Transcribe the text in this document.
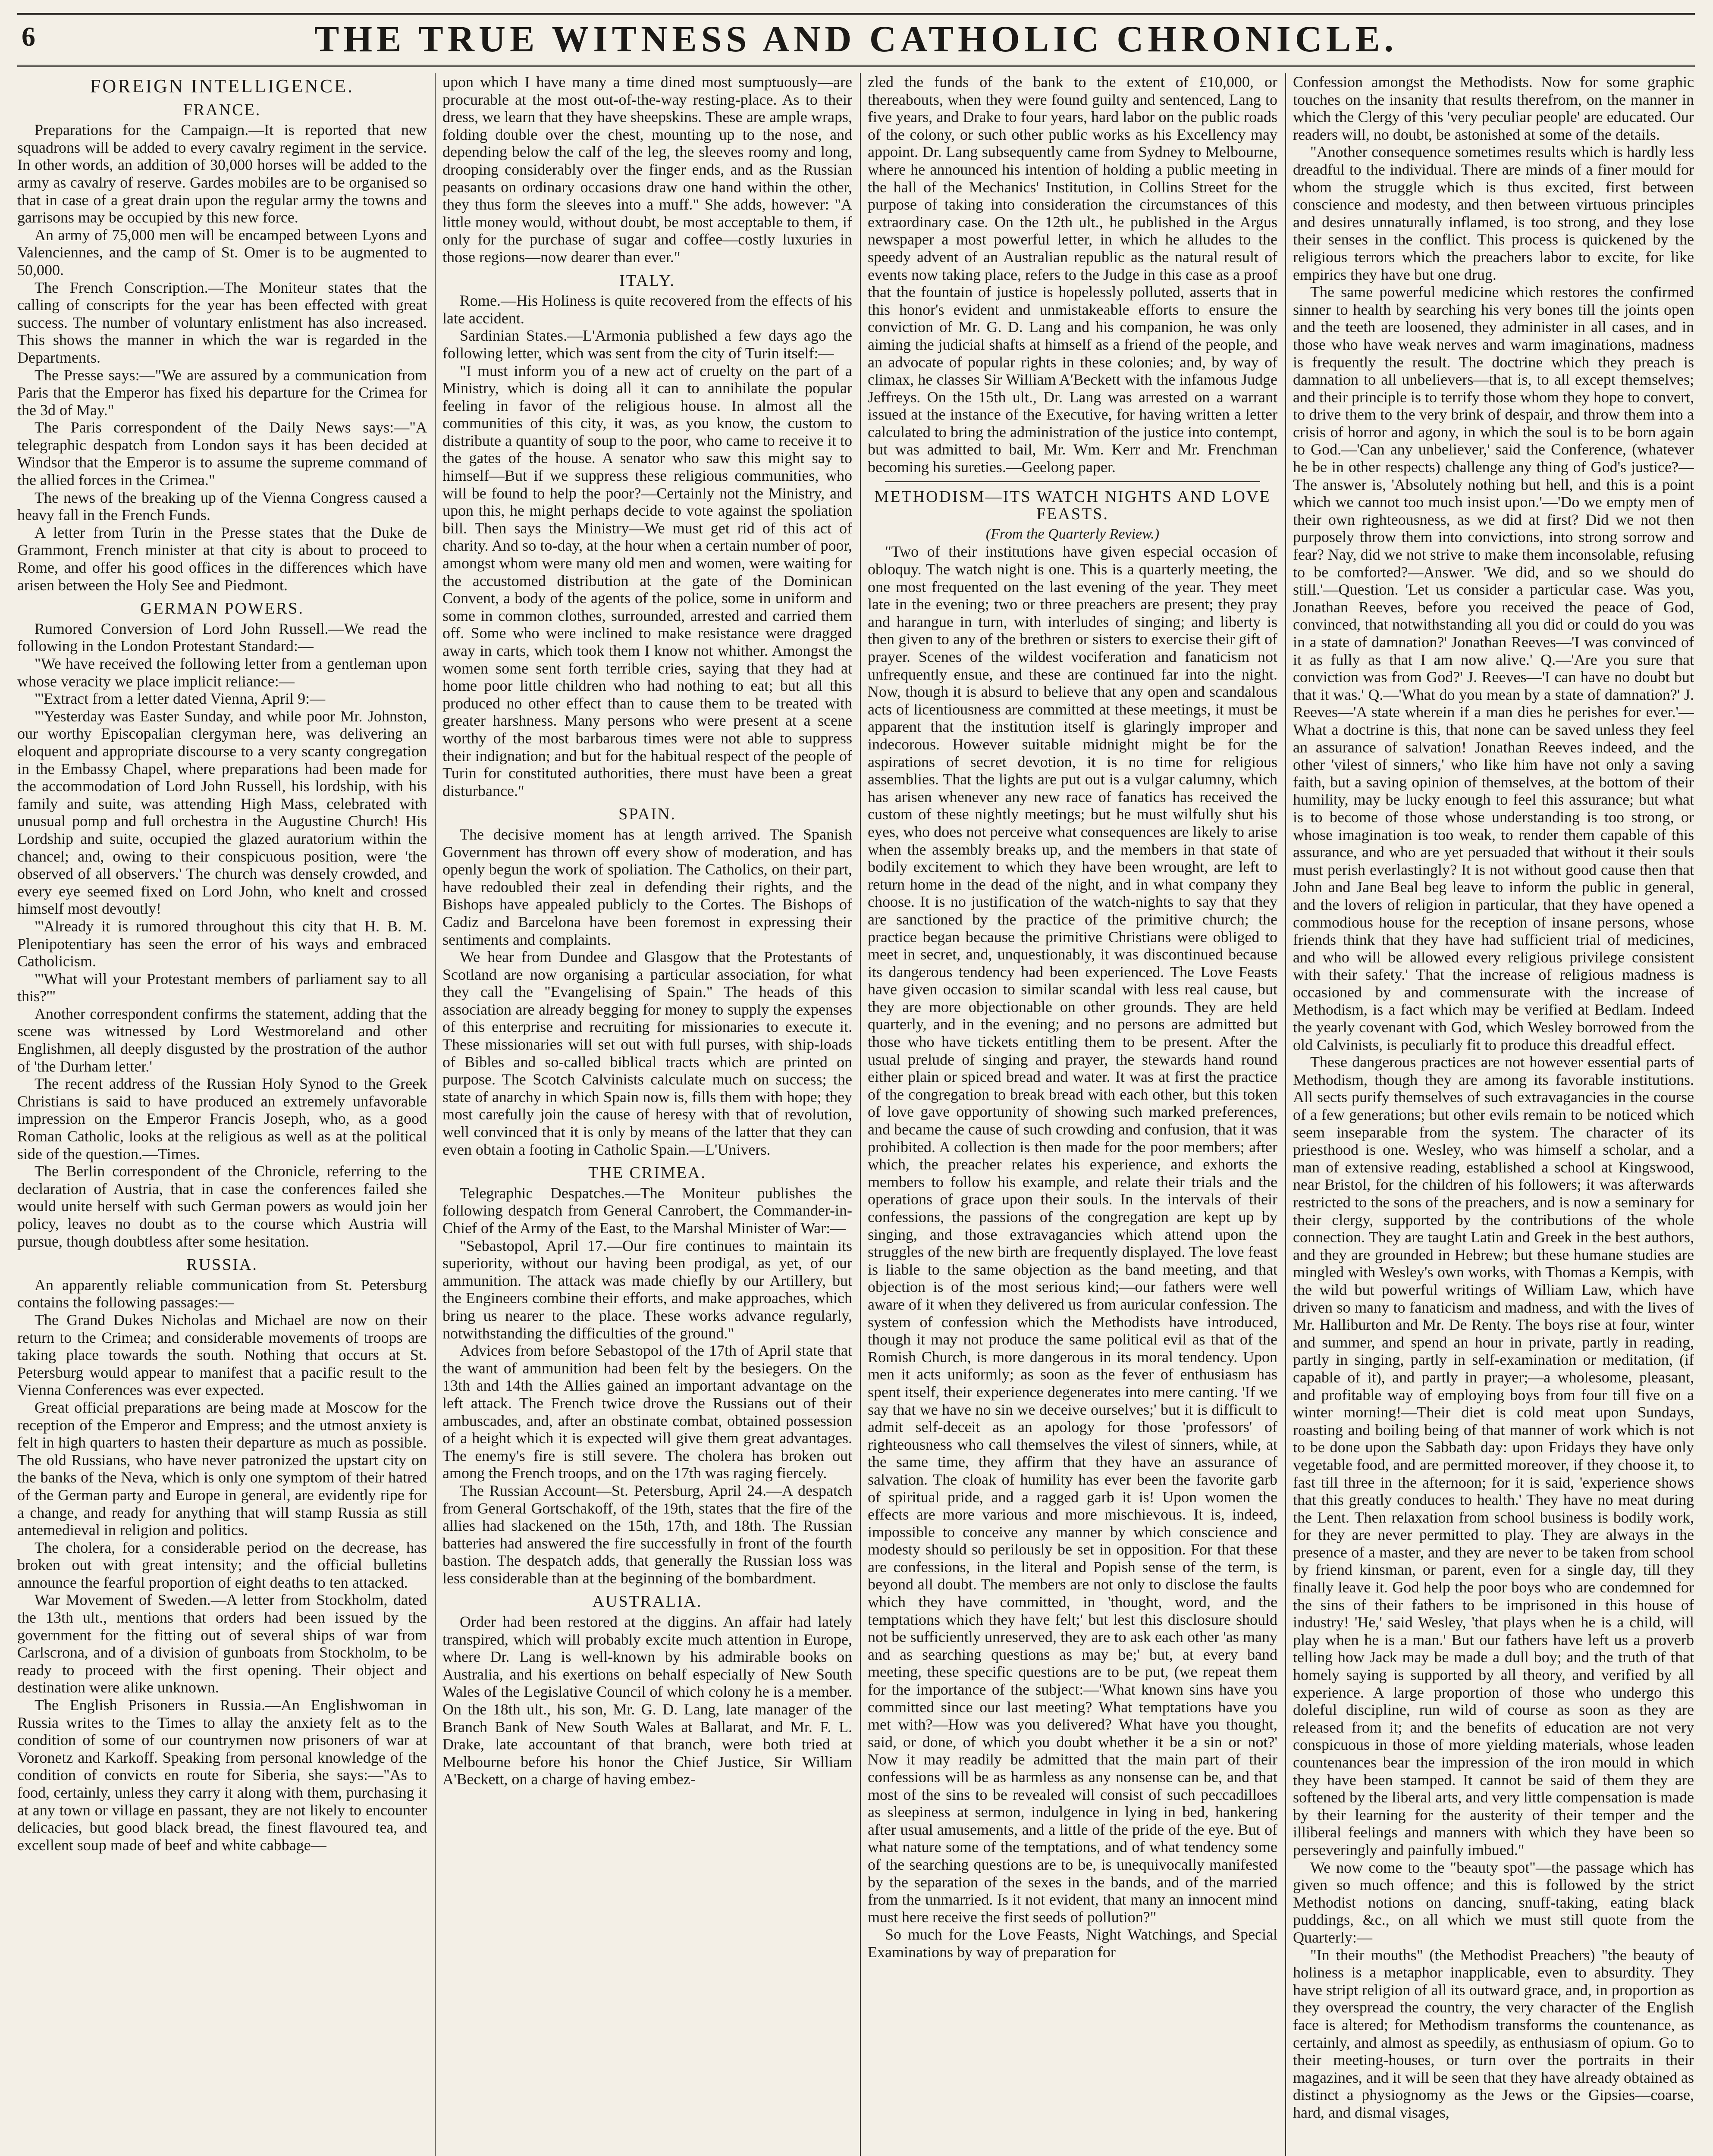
6	THE TRUE WITNESS AND CATHOLIC CHRONICLE.
FOREIGN INTELLIGENCE.
FRANCE.

Preparations for the Campaign.—It is reported that new squadrons will be added to every cavalry regiment in the service. In other words, an addition of 30,000 horses will be added to the army as cavalry of reserve. Gardes mobiles are to be organised so that in case of a great drain upon the regular army the towns and garrisons may be occupied by this new force.

An army of 75,000 men will be encamped between Lyons and Valenciennes, and the camp of St. Omer is to be augmented to 50,000.

The French Conscription.—The Moniteur states that the calling of conscripts for the year has been effected with great success. The number of voluntary enlistment has also increased. This shows the manner in which the war is regarded in the Departments.

The Presse says:—"We are assured by a communication from Paris that the Emperor has fixed his departure for the Crimea for the 3d of May."

The Paris correspondent of the Daily News says:—"A telegraphic despatch from London says it has been decided at Windsor that the Emperor is to assume the supreme command of the allied forces in the Crimea."

The news of the breaking up of the Vienna Congress caused a heavy fall in the French Funds.

A letter from Turin in the Presse states that the Duke de Grammont, French minister at that city is about to proceed to Rome, and offer his good offices in the differences which have arisen between the Holy See and Piedmont.

GERMAN POWERS.

Rumored Conversion of Lord John Russell.—We read the following in the London Protestant Standard:—

"We have received the following letter from a gentleman upon whose veracity we place implicit reliance:—

"'Extract from a letter dated Vienna, April 9:—

"'Yesterday was Easter Sunday, and while poor Mr. Johnston, our worthy Episcopalian clergyman here, was delivering an eloquent and appropriate discourse to a very scanty congregation in the Embassy Chapel, where preparations had been made for the accommodation of Lord John Russell, his lordship, with his family and suite, was attending High Mass, celebrated with unusual pomp and full orchestra in the Augustine Church! His Lordship and suite, occupied the glazed auratorium within the chancel; and, owing to their conspicuous position, were 'the observed of all observers.' The church was densely crowded, and every eye seemed fixed on Lord John, who knelt and crossed himself most devoutly!

"'Already it is rumored throughout this city that H. B. M. Plenipotentiary has seen the error of his ways and embraced Catholicism.

"'What will your Protestant members of parliament say to all this?'"

Another correspondent confirms the statement, adding that the scene was witnessed by Lord Westmoreland and other Englishmen, all deeply disgusted by the prostration of the author of 'the Durham letter.'

The recent address of the Russian Holy Synod to the Greek Christians is said to have produced an extremely unfavorable impression on the Emperor Francis Joseph, who, as a good Roman Catholic, looks at the religious as well as at the political side of the question.—Times.

The Berlin correspondent of the Chronicle, referring to the declaration of Austria, that in case the conferences failed she would unite herself with such German powers as would join her policy, leaves no doubt as to the course which Austria will pursue, though doubtless after some hesitation.

RUSSIA.

An apparently reliable communication from St. Petersburg contains the following passages:—

The Grand Dukes Nicholas and Michael are now on their return to the Crimea; and considerable movements of troops are taking place towards the south. Nothing that occurs at St. Petersburg would appear to manifest that a pacific result to the Vienna Conferences was ever expected.

Great official preparations are being made at Moscow for the reception of the Emperor and Empress; and the utmost anxiety is felt in high quarters to hasten their departure as much as possible. The old Russians, who have never patronized the upstart city on the banks of the Neva, which is only one symptom of their hatred of the German party and Europe in general, are evidently ripe for a change, and ready for anything that will stamp Russia as still antemedieval in religion and politics.

The cholera, for a considerable period on the decrease, has broken out with great intensity; and the official bulletins announce the fearful proportion of eight deaths to ten attacked.

War Movement of Sweden.—A letter from Stockholm, dated the 13th ult., mentions that orders had been issued by the government for the fitting out of several ships of war from Carlscrona, and of a division of gunboats from Stockholm, to be ready to proceed with the first opening. Their object and destination were alike unknown.

The English Prisoners in Russia.—An Englishwoman in Russia writes to the Times to allay the anxiety felt as to the condition of some of our countrymen now prisoners of war at Voronetz and Karkoff. Speaking from personal knowledge of the condition of convicts en route for Siberia, she says:—"As to food, certainly, unless they carry it along with them, purchasing it at any town or village en passant, they are not likely to encounter delicacies, but good black bread, the finest flavoured tea, and excellent soup made of beef and white cabbage—

upon which I have many a time dined most sumptuously—are procurable at the most out-of-the-way resting-place. As to their dress, we learn that they have sheepskins. These are ample wraps, folding double over the chest, mounting up to the nose, and depending below the calf of the leg, the sleeves roomy and long, drooping considerably over the finger ends, and as the Russian peasants on ordinary occasions draw one hand within the other, they thus form the sleeves into a muff." She adds, however: "A little money would, without doubt, be most acceptable to them, if only for the purchase of sugar and coffee—costly luxuries in those regions—now dearer than ever."

ITALY.

Rome.—His Holiness is quite recovered from the effects of his late accident.

Sardinian States.—L'Armonia published a few days ago the following letter, which was sent from the city of Turin itself:—

"I must inform you of a new act of cruelty on the part of a Ministry, which is doing all it can to annihilate the popular feeling in favor of the religious house. In almost all the communities of this city, it was, as you know, the custom to distribute a quantity of soup to the poor, who came to receive it to the gates of the house. A senator who saw this might say to himself—But if we suppress these religious communities, who will be found to help the poor?—Certainly not the Ministry, and upon this, he might perhaps decide to vote against the spoliation bill. Then says the Ministry—We must get rid of this act of charity. And so to-day, at the hour when a certain number of poor, amongst whom were many old men and women, were waiting for the accustomed distribution at the gate of the Dominican Convent, a body of the agents of the police, some in uniform and some in common clothes, surrounded, arrested and carried them off. Some who were inclined to make resistance were dragged away in carts, which took them I know not whither. Amongst the women some sent forth terrible cries, saying that they had at home poor little children who had nothing to eat; but all this produced no other effect than to cause them to be treated with greater harshness. Many persons who were present at a scene worthy of the most barbarous times were not able to suppress their indignation; and but for the habitual respect of the people of Turin for constituted authorities, there must have been a great disturbance."

SPAIN.

The decisive moment has at length arrived. The Spanish Government has thrown off every show of moderation, and has openly begun the work of spoliation. The Catholics, on their part, have redoubled their zeal in defending their rights, and the Bishops have appealed publicly to the Cortes. The Bishops of Cadiz and Barcelona have been foremost in expressing their sentiments and complaints.

We hear from Dundee and Glasgow that the Protestants of Scotland are now organising a particular association, for what they call the "Evangelising of Spain." The heads of this association are already begging for money to supply the expenses of this enterprise and recruiting for missionaries to execute it. These missionaries will set out with full purses, with ship-loads of Bibles and so-called biblical tracts which are printed on purpose. The Scotch Calvinists calculate much on success; the state of anarchy in which Spain now is, fills them with hope; they most carefully join the cause of heresy with that of revolution, well convinced that it is only by means of the latter that they can even obtain a footing in Catholic Spain.—L'Univers.

THE CRIMEA.

Telegraphic Despatches.—The Moniteur publishes the following despatch from General Canrobert, the Commander-in-Chief of the Army of the East, to the Marshal Minister of War:—

"Sebastopol, April 17.—Our fire continues to maintain its superiority, without our having been prodigal, as yet, of our ammunition. The attack was made chiefly by our Artillery, but the Engineers combine their efforts, and make approaches, which bring us nearer to the place. These works advance regularly, notwithstanding the difficulties of the ground."

Advices from before Sebastopol of the 17th of April state that the want of ammunition had been felt by the besiegers. On the 13th and 14th the Allies gained an important advantage on the left attack. The French twice drove the Russians out of their ambuscades, and, after an obstinate combat, obtained possession of a height which it is expected will give them great advantages. The enemy's fire is still severe. The cholera has broken out among the French troops, and on the 17th was raging fiercely.

The Russian Account—St. Petersburg, April 24.—A despatch from General Gortschakoff, of the 19th, states that the fire of the allies had slackened on the 15th, 17th, and 18th. The Russian batteries had answered the fire successfully in front of the fourth bastion. The despatch adds, that generally the Russian loss was less considerable than at the beginning of the bombardment.

AUSTRALIA.

Order had been restored at the diggins. An affair had lately transpired, which will probably excite much attention in Europe, where Dr. Lang is well-known by his admirable books on Australia, and his exertions on behalf especially of New South Wales of the Legislative Council of which colony he is a member. On the 18th ult., his son, Mr. G. D. Lang, late manager of the Branch Bank of New South Wales at Ballarat, and Mr. F. L. Drake, late accountant of that branch, were both tried at Melbourne before his honor the Chief Justice, Sir William A'Beckett, on a charge of having embez-

zled the funds of the bank to the extent of £10,000, or thereabouts, when they were found guilty and sentenced, Lang to five years, and Drake to four years, hard labor on the public roads of the colony, or such other public works as his Excellency may appoint. Dr. Lang subsequently came from Sydney to Melbourne, where he announced his intention of holding a public meeting in the hall of the Mechanics' Institution, in Collins Street for the purpose of taking into consideration the circumstances of this extraordinary case. On the 12th ult., he published in the Argus newspaper a most powerful letter, in which he alludes to the speedy advent of an Australian republic as the natural result of events now taking place, refers to the Judge in this case as a proof that the fountain of justice is hopelessly polluted, asserts that in this honor's evident and unmistakeable efforts to ensure the conviction of Mr. G. D. Lang and his companion, he was only aiming the judicial shafts at himself as a friend of the people, and an advocate of popular rights in these colonies; and, by way of climax, he classes Sir William A'Beckett with the infamous Judge Jeffreys. On the 15th ult., Dr. Lang was arrested on a warrant issued at the instance of the Executive, for having written a letter calculated to bring the administration of the justice into contempt, but was admitted to bail, Mr. Wm. Kerr and Mr. Frenchman becoming his sureties.—Geelong paper.

METHODISM—ITS WATCH NIGHTS AND LOVE FEASTS.

(From the Quarterly Review.)

"Two of their institutions have given especial occasion of obloquy. The watch night is one. This is a quarterly meeting, the one most frequented on the last evening of the year. They meet late in the evening; two or three preachers are present; they pray and harangue in turn, with interludes of singing; and liberty is then given to any of the brethren or sisters to exercise their gift of prayer. Scenes of the wildest vociferation and fanaticism not unfrequently ensue, and these are continued far into the night. Now, though it is absurd to believe that any open and scandalous acts of licentiousness are committed at these meetings, it must be apparent that the institution itself is glaringly improper and indecorous. However suitable midnight might be for the aspirations of secret devotion, it is no time for religious assemblies. That the lights are put out is a vulgar calumny, which has arisen whenever any new race of fanatics has received the custom of these nightly meetings; but he must wilfully shut his eyes, who does not perceive what consequences are likely to arise when the assembly breaks up, and the members in that state of bodily excitement to which they have been wrought, are left to return home in the dead of the night, and in what company they choose. It is no justification of the watch-nights to say that they are sanctioned by the practice of the primitive church; the practice began because the primitive Christians were obliged to meet in secret, and, unquestionably, it was discontinued because its dangerous tendency had been experienced. The Love Feasts have given occasion to similar scandal with less real cause, but they are more objectionable on other grounds. They are held quarterly, and in the evening; and no persons are admitted but those who have tickets entitling them to be present. After the usual prelude of singing and prayer, the stewards hand round either plain or spiced bread and water. It was at first the practice of the congregation to break bread with each other, but this token of love gave opportunity of showing such marked preferences, and became the cause of such crowding and confusion, that it was prohibited. A collection is then made for the poor members; after which, the preacher relates his experience, and exhorts the members to follow his example, and relate their trials and the operations of grace upon their souls. In the intervals of their confessions, the passions of the congregation are kept up by singing, and those extravagancies which attend upon the struggles of the new birth are frequently displayed. The love feast is liable to the same objection as the band meeting, and that objection is of the most serious kind;—our fathers were well aware of it when they delivered us from auricular confession. The system of confession which the Methodists have introduced, though it may not produce the same political evil as that of the Romish Church, is more dangerous in its moral tendency. Upon men it acts uniformly; as soon as the fever of enthusiasm has spent itself, their experience degenerates into mere canting. 'If we say that we have no sin we deceive ourselves;' but it is difficult to admit self-deceit as an apology for those 'professors' of righteousness who call themselves the vilest of sinners, while, at the same time, they affirm that they have an assurance of salvation. The cloak of humility has ever been the favorite garb of spiritual pride, and a ragged garb it is! Upon women the effects are more various and more mischievous. It is, indeed, impossible to conceive any manner by which conscience and modesty should so perilously be set in opposition. For that these are confessions, in the literal and Popish sense of the term, is beyond all doubt. The members are not only to disclose the faults which they have committed, in 'thought, word, and the temptations which they have felt;' but lest this disclosure should not be sufficiently unreserved, they are to ask each other 'as many and as searching questions as may be;' but, at every band meeting, these specific questions are to be put, (we repeat them for the importance of the subject:—'What known sins have you committed since our last meeting? What temptations have you met with?—How was you delivered? What have you thought, said, or done, of which you doubt whether it be a sin or not?' Now it may readily be admitted that the main part of their confessions will be as harmless as any nonsense can be, and that most of the sins to be revealed will consist of such peccadilloes as sleepiness at sermon, indulgence in lying in bed, hankering after usual amusements, and a little of the pride of the eye. But of what nature some of the temptations, and of what tendency some of the searching questions are to be, is unequivocally manifested by the separation of the sexes in the bands, and of the married from the unmarried. Is it not evident, that many an innocent mind must here receive the first seeds of pollution?"

So much for the Love Feasts, Night Watchings, and Special Examinations by way of preparation for

Confession amongst the Methodists. Now for some graphic touches on the insanity that results therefrom, on the manner in which the Clergy of this 'very peculiar people' are educated. Our readers will, no doubt, be astonished at some of the details.

"Another consequence sometimes results which is hardly less dreadful to the individual. There are minds of a finer mould for whom the struggle which is thus excited, first between conscience and modesty, and then between virtuous principles and desires unnaturally inflamed, is too strong, and they lose their senses in the conflict. This process is quickened by the religious terrors which the preachers labor to excite, for like empirics they have but one drug.

The same powerful medicine which restores the confirmed sinner to health by searching his very bones till the joints open and the teeth are loosened, they administer in all cases, and in those who have weak nerves and warm imaginations, madness is frequently the result. The doctrine which they preach is damnation to all unbelievers—that is, to all except themselves; and their principle is to terrify those whom they hope to convert, to drive them to the very brink of despair, and throw them into a crisis of horror and agony, in which the soul is to be born again to God.—'Can any unbeliever,' said the Conference, (whatever he be in other respects) challenge any thing of God's justice?—The answer is, 'Absolutely nothing but hell, and this is a point which we cannot too much insist upon.'—'Do we empty men of their own righteousness, as we did at first? Did we not then purposely throw them into convictions, into strong sorrow and fear? Nay, did we not strive to make them inconsolable, refusing to be comforted?—Answer. 'We did, and so we should do still.'—Question. 'Let us consider a particular case. Was you, Jonathan Reeves, before you received the peace of God, convinced, that notwithstanding all you did or could do you was in a state of damnation?' Jonathan Reeves—'I was convinced of it as fully as that I am now alive.' Q.—'Are you sure that conviction was from God?' J. Reeves—'I can have no doubt but that it was.' Q.—'What do you mean by a state of damnation?' J. Reeves—'A state wherein if a man dies he perishes for ever.'—What a doctrine is this, that none can be saved unless they feel an assurance of salvation! Jonathan Reeves indeed, and the other 'vilest of sinners,' who like him have not only a saving faith, but a saving opinion of themselves, at the bottom of their humility, may be lucky enough to feel this assurance; but what is to become of those whose understanding is too strong, or whose imagination is too weak, to render them capable of this assurance, and who are yet persuaded that without it their souls must perish everlastingly? It is not without good cause then that John and Jane Beal beg leave to inform the public in general, and the lovers of religion in particular, that they have opened a commodious house for the reception of insane persons, whose friends think that they have had sufficient trial of medicines, and who will be allowed every religious privilege consistent with their safety.' That the increase of religious madness is occasioned by and commensurate with the increase of Methodism, is a fact which may be verified at Bedlam. Indeed the yearly covenant with God, which Wesley borrowed from the old Calvinists, is peculiarly fit to produce this dreadful effect.

These dangerous practices are not however essential parts of Methodism, though they are among its favorable institutions. All sects purify themselves of such extravagancies in the course of a few generations; but other evils remain to be noticed which seem inseparable from the system. The character of its priesthood is one. Wesley, who was himself a scholar, and a man of extensive reading, established a school at Kingswood, near Bristol, for the children of his followers; it was afterwards restricted to the sons of the preachers, and is now a seminary for their clergy, supported by the contributions of the whole connection. They are taught Latin and Greek in the best authors, and they are grounded in Hebrew; but these humane studies are mingled with Wesley's own works, with Thomas a Kempis, with the wild but powerful writings of William Law, which have driven so many to fanaticism and madness, and with the lives of Mr. Halliburton and Mr. De Renty. The boys rise at four, winter and summer, and spend an hour in private, partly in reading, partly in singing, partly in self-examination or meditation, (if capable of it), and partly in prayer;—a wholesome, pleasant, and profitable way of employing boys from four till five on a winter morning!—Their diet is cold meat upon Sundays, roasting and boiling being of that manner of work which is not to be done upon the Sabbath day: upon Fridays they have only vegetable food, and are permitted moreover, if they choose it, to fast till three in the afternoon; for it is said, 'experience shows that this greatly conduces to health.' They have no meat during the Lent. Then relaxation from school business is bodily work, for they are never permitted to play. They are always in the presence of a master, and they are never to be taken from school by friend kinsman, or parent, even for a single day, till they finally leave it. God help the poor boys who are condemned for the sins of their fathers to be imprisoned in this house of industry! 'He,' said Wesley, 'that plays when he is a child, will play when he is a man.' But our fathers have left us a proverb telling how Jack may be made a dull boy; and the truth of that homely saying is supported by all theory, and verified by all experience. A large proportion of those who undergo this doleful discipline, run wild of course as soon as they are released from it; and the benefits of education are not very conspicuous in those of more yielding materials, whose leaden countenances bear the impression of the iron mould in which they have been stamped. It cannot be said of them they are softened by the liberal arts, and very little compensation is made by their learning for the austerity of their temper and the illiberal feelings and manners with which they have been so perseveringly and painfully imbued."

We now come to the "beauty spot"—the passage which has given so much offence; and this is followed by the strict Methodist notions on dancing, snuff-taking, eating black puddings, &c., on all which we must still quote from the Quarterly:—

"In their mouths" (the Methodist Preachers) "the beauty of holiness is a metaphor inapplicable, even to absurdity. They have stript religion of all its outward grace, and, in proportion as they overspread the country, the very character of the English face is altered; for Methodism transforms the countenance, as certainly, and almost as speedily, as enthusiasm of opium. Go to their meeting-houses, or turn over the portraits in their magazines, and it will be seen that they have already obtained as distinct a physiognomy as the Jews or the Gipsies—coarse, hard, and dismal visages,
